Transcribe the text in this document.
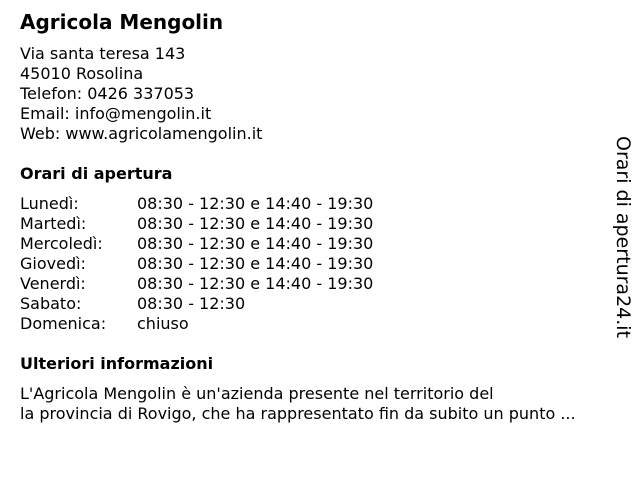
Agricola Mengolin
Via santa teresa 143
45010 Rosolina
Telefon: 0426 337053
Email: info@mengolin.it
Web: www.agricolamengolin.it
Orari di apertura
Lunedì:	08:30 - 12:30 e 14:40 - 19:30
Martedì:	08:30 - 12:30 e 14:40 - 19:30
Mercoledì:	08:30 - 12:30 e 14:40 - 19:30
Giovedì:	08:30 - 12:30 e 14:40 - 19:30
Venerdì:	08:30 - 12:30 e 14:40 - 19:30
Sabato:	08:30 - 12:30
Domenica:	chiuso
Ulteriori informazioni
L'Agricola Mengolin è un'azienda presente nel territorio del
la provincia di Rovigo, che ha rappresentato fin da subito un punto ...
Orari di apertura24.it
